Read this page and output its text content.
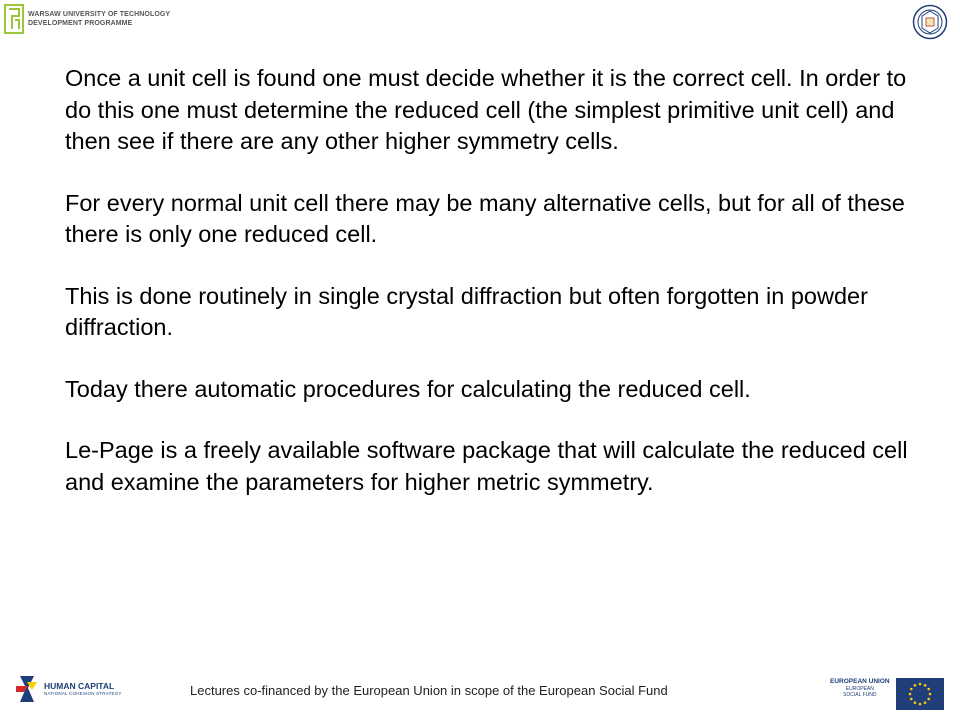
WARSAW UNIVERSITY OF TECHNOLOGY
DEVELOPMENT PROGRAMME

Once a unit cell is found one must decide whether it is the correct cell. In order to do this one must determine the reduced cell (the simplest primitive unit cell) and then see if there are any other higher symmetry cells.

For every normal unit cell there may be many alternative cells, but for all of these there is only one reduced cell.

This is done routinely in single crystal diffraction but often forgotten in powder diffraction.

Today there automatic procedures for calculating the reduced cell.

Le-Page is a freely available software package that will calculate the reduced cell and examine the parameters for higher metric symmetry.

HUMAN CAPITAL
NATIONAL COHESION STRATEGY	Lectures co-financed by the European Union in scope of the European Social Fund
EUROPEAN UNION
EUROPEAN
SOCIAL FUND
